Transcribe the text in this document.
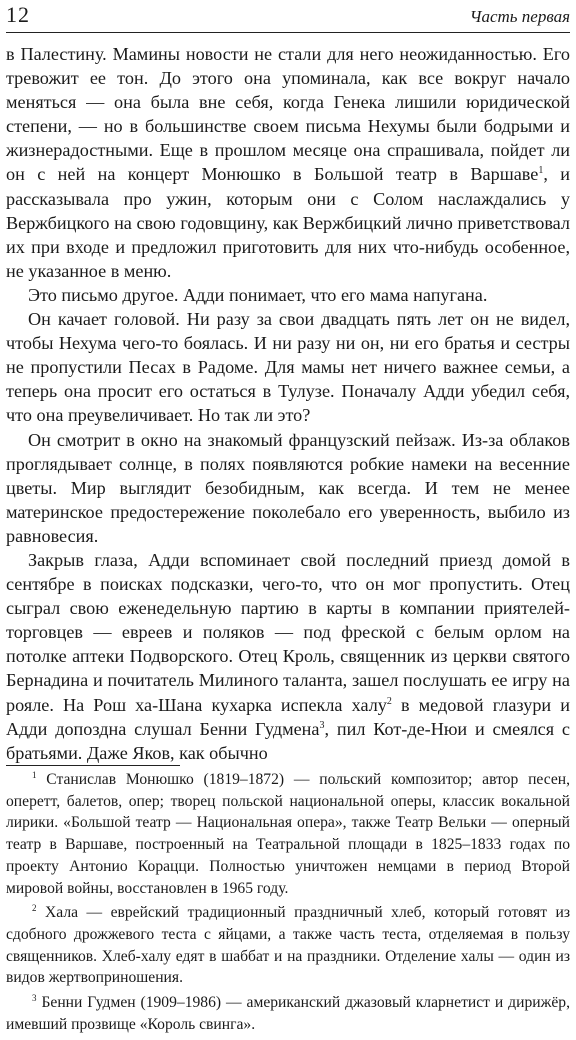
12	Часть первая

в Палестину. Мамины новости не стали для него неожиданностью. Его тревожит ее тон. До этого она упоминала, как все вокруг начало меняться — она была вне себя, когда Генека лишили юридической степени, — но в большинстве своем письма Нехумы были бодрыми и жизнерадостными. Еще в прошлом месяце она спрашивала, пойдет ли он с ней на концерт Монюшко в Большой театр в Варшаве$^1$, и рассказывала про ужин, которым они с Солом наслаждались у Вержбицкого на свою годовщину, как Вержбицкий лично приветствовал их при входе и предложил приготовить для них что-нибудь особенное, не указанное в меню.

Это письмо другое. Адди понимает, что его мама напугана.

Он качает головой. Ни разу за свои двадцать пять лет он не видел, чтобы Нехума чего-то боялась. И ни разу ни он, ни его братья и сестры не пропустили Песах в Радоме. Для мамы нет ничего важнее семьи, а теперь она просит его остаться в Тулузе. Поначалу Адди убедил себя, что она преувеличивает. Но так ли это?

Он смотрит в окно на знакомый французский пейзаж. Из-за облаков проглядывает солнце, в полях появляются робкие намеки на весенние цветы. Мир выглядит безобидным, как всегда. И тем не менее материнское предостережение поколебало его уверенность, выбило из равновесия.

Закрыв глаза, Адди вспоминает свой последний приезд домой в сентябре в поисках подсказки, чего-то, что он мог пропустить. Отец сыграл свою еженедельную партию в карты в компании приятелей-торговцев — евреев и поляков — под фреской с белым орлом на потолке аптеки Подворского. Отец Кроль, священник из церкви святого Бернадина и почитатель Милиного таланта, зашел послушать ее игру на рояле. На Рош ха-Шана кухарка испекла халу$^2$ в медовой глазури и Адди допоздна слушал Бенни Гудмена$^3$, пил Кот-де-Нюи и смеялся с братьями. Даже Яков, как обычно

$^1$ Станислав Монюшко (1819–1872) — польский композитор; автор песен, оперетт, балетов, опер; творец польской национальной оперы, классик вокальной лирики. «Большой театр — Национальная опера», также Театр Вельки — оперный театр в Варшаве, построенный на Театральной площади в 1825–1833 годах по проекту Антонио Корацци. Полностью уничтожен немцами в период Второй мировой войны, восстановлен в 1965 году.

$^2$ Хала — еврейский традиционный праздничный хлеб, который готовят из сдобного дрожжевого теста с яйцами, а также часть теста, отделяемая в пользу священников. Хлеб-халу едят в шаббат и на праздники. Отделение халы — один из видов жертвоприношения.

$^3$ Бенни Гудмен (1909–1986) — американский джазовый кларнетист и дирижёр, имевший прозвище «Король свинга».
